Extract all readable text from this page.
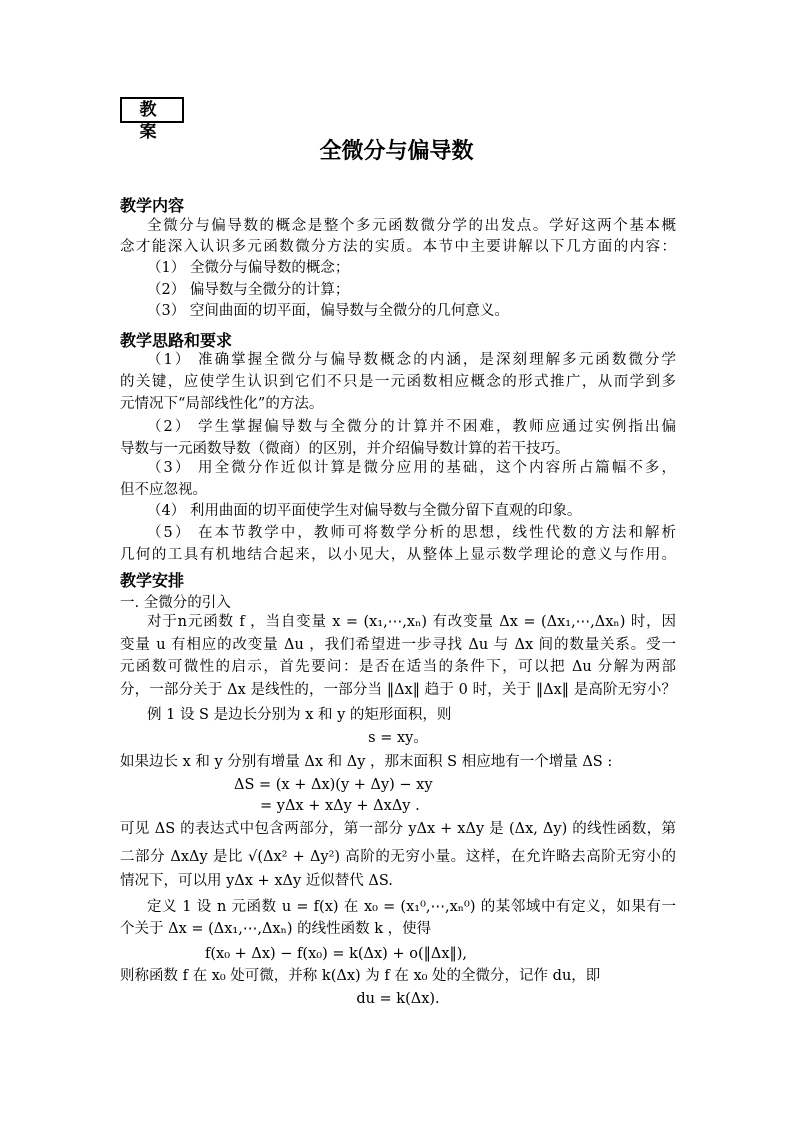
教 案
全微分与偏导数
教学内容
全微分与偏导数的概念是整个多元函数微分学的出发点。学好这两个基本概
念才能深入认识多元函数微分方法的实质。本节中主要讲解以下几方面的内容：
（1） 全微分与偏导数的概念；
（2） 偏导数与全微分的计算；
（3） 空间曲面的切平面，偏导数与全微分的几何意义。
教学思路和要求
（1） 准确掌握全微分与偏导数概念的内涵，是深刻理解多元函数微分学
的关键，应使学生认识到它们不只是一元函数相应概念的形式推广，从而学到多
元情况下“局部线性化”的方法。
（2） 学生掌握偏导数与全微分的计算并不困难，教师应通过实例指出偏
导数与一元函数导数（微商）的区别，并介绍偏导数计算的若干技巧。
（3） 用全微分作近似计算是微分应用的基础，这个内容所占篇幅不多，
但不应忽视。
（4） 利用曲面的切平面使学生对偏导数与全微分留下直观的印象。
（5） 在本节教学中，教师可将数学分析的思想，线性代数的方法和解析
几何的工具有机地结合起来，以小见大，从整体上显示数学理论的意义与作用。
教学安排
一. 全微分的引入
对于n元函数 f ，当自变量 x = (x₁,⋯,xₙ) 有改变量 Δx = (Δx₁,⋯,Δxₙ) 时，因
变量 u 有相应的改变量 Δu ，我们希望进一步寻找 Δu 与 Δx 间的数量关系。受一
元函数可微性的启示，首先要问：是否在适当的条件下，可以把 Δu 分解为两部
分，一部分关于 Δx 是线性的，一部分当 ‖Δx‖ 趋于 0 时，关于 ‖Δx‖ 是高阶无穷小？
例 1 设 S 是边长分别为 x 和 y 的矩形面积，则
s = xy。
如果边长 x 和 y 分别有增量 Δx 和 Δy ，那末面积 S 相应地有一个增量 ΔS :
ΔS = (x + Δx)(y + Δy) − xy
= yΔx + xΔy + ΔxΔy .
可见 ΔS 的表达式中包含两部分，第一部分 yΔx + xΔy 是 (Δx, Δy) 的线性函数，第
二部分 ΔxΔy 是比 √(Δx² + Δy²) 高阶的无穷小量。这样，在允许略去高阶无穷小的
情况下，可以用 yΔx + xΔy 近似替代 ΔS.
定义 1 设 n 元函数 u = f(x) 在 x₀ = (x₁⁰,⋯,xₙ⁰) 的某邻域中有定义，如果有一
个关于 Δx = (Δx₁,⋯,Δxₙ) 的线性函数 k ，使得
f(x₀ + Δx) − f(x₀) = k(Δx) + o(‖Δx‖),
则称函数 f 在 x₀ 处可微，并称 k(Δx) 为 f 在 x₀ 处的全微分，记作 du，即
du = k(Δx).
